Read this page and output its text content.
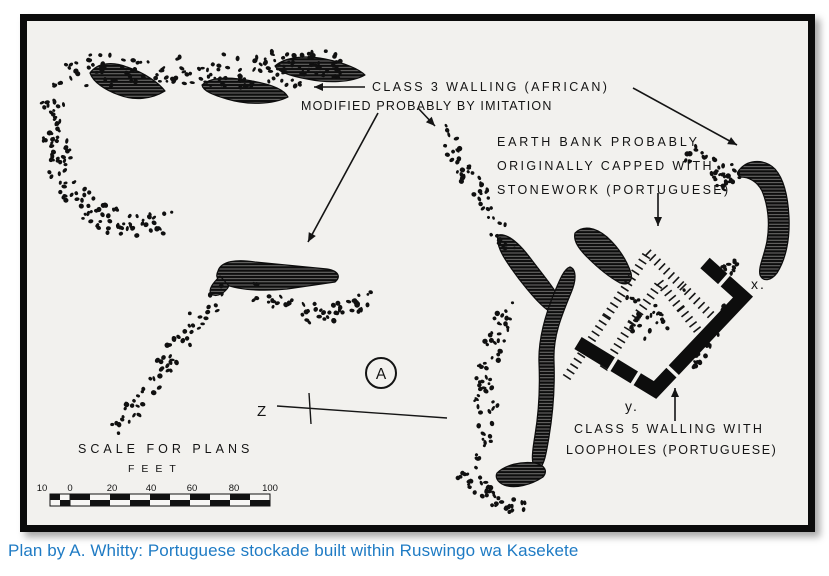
Z
A
x.
y.
CLASS 3 WALLING (AFRICAN)
MODIFIED PROBABLY BY IMITATION
EARTH BANK PROBABLY
ORIGINALLY CAPPED WITH
STONEWORK (PORTUGUESE)
CLASS 5 WALLING WITH
LOOPHOLES (PORTUGUESE)
SCALE FOR PLANS
FEET
10 0	20	40	60	80 100
Plan by A. Whitty: Portuguese stockade built within Ruswingo wa Kasekete
